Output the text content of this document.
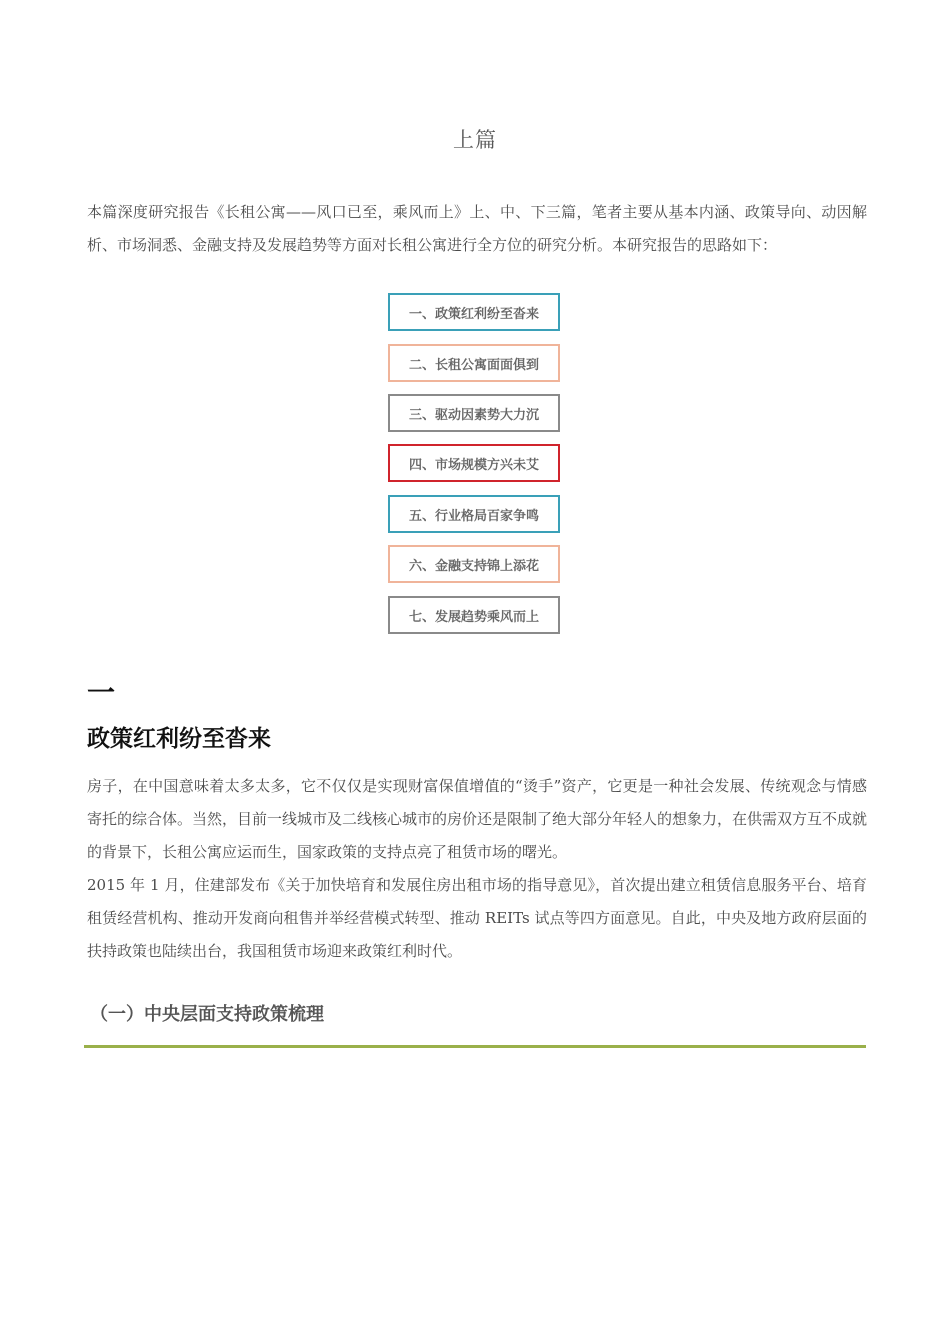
上篇

本篇深度研究报告《长租公寓——风口已至，乘风而上》上、中、下三篇，笔者主要从基本内涵、政策导向、动因解析、市场洞悉、金融支持及发展趋势等方面对长租公寓进行全方位的研究分析。本研究报告的思路如下：

一、政策红利纷至沓来
二、长租公寓面面俱到
三、驱动因素势大力沉
四、市场规模方兴未艾
五、行业格局百家争鸣
六、金融支持锦上添花
七、发展趋势乘风而上
一
政策红利纷至沓来

房子，在中国意味着太多太多，它不仅仅是实现财富保值增值的“烫手”资产，它更是一种社会发展、传统观念与情感寄托的综合体。当然，目前一线城市及二线核心城市的房价还是限制了绝大部分年轻人的想象力，在供需双方互不成就的背景下，长租公寓应运而生，国家政策的支持点亮了租赁市场的曙光。

2015 年 1 月，住建部发布《关于加快培育和发展住房出租市场的指导意见》，首次提出建立租赁信息服务平台、培育租赁经营机构、推动开发商向租售并举经营模式转型、推动 REITs 试点等四方面意见。自此，中央及地方政府层面的扶持政策也陆续出台，我国租赁市场迎来政策红利时代。

（一）中央层面支持政策梳理
